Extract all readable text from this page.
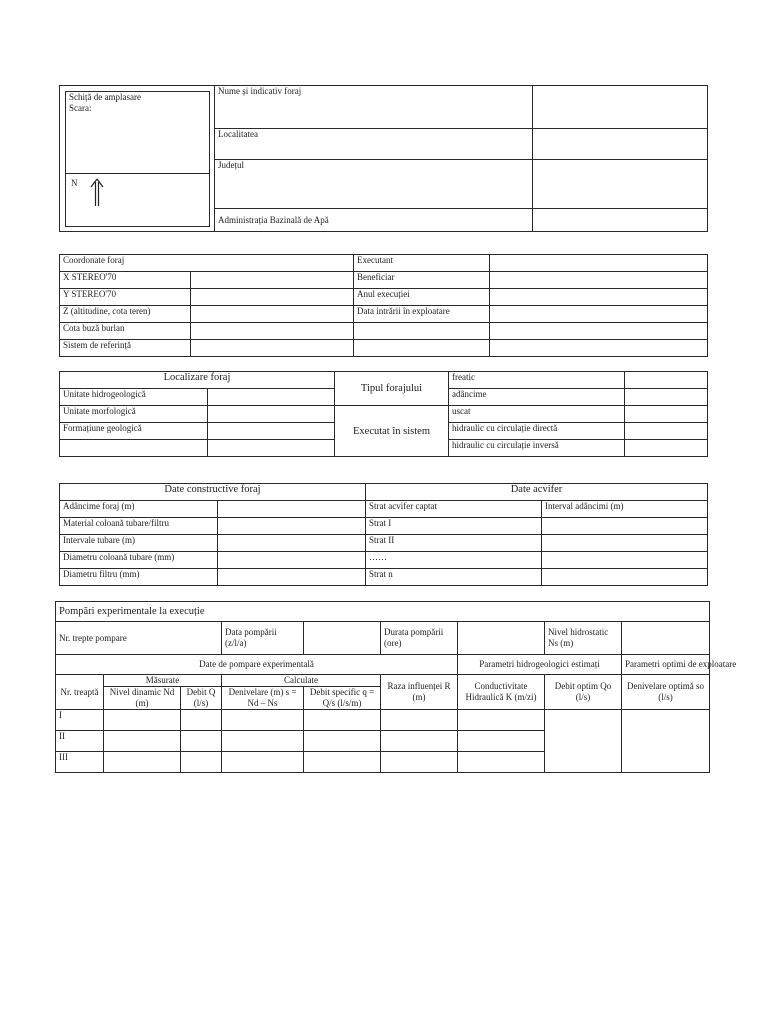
Schiță de amplasare
Scara:
N	Nume și indicativ foraj	
	Localitatea	
	Județul	
	Administrația Bazinală de Apă	
Coordonate foraj		Executant	
X STEREO'70		Beneficiar	
Y STEREO'70		Anul execuției	
Z (altitudine, cota teren)		Data intrării în exploatare	
Cota buză burlan			
Sistem de referință			
Localizare foraj		Tipul forajului	freatic	
Unitate hidrogeologică			adâncime	
Unitate morfologică		Executat în sistem	uscat	
Formațiune geologică			hidraulic cu circulație directă	
			hidraulic cu circulație inversă	
Date constructive foraj		Date acvifer	
Adâncime foraj (m)		Strat acvifer captat	Interval adâncimi (m)
Material coloană tubare/filtru		Strat I	
Intervale tubare (m)		Strat II	
Diametru coloană tubare (mm)		……	
Diametru filtru (mm)		Strat n	
Pompări experimentale la execuție								
Nr. trepte pompare			Data pompării (z/l/a)		Durata pompării (ore)		Nivel hidrostatic Ns (m)	
Date de pompare experimentală						Parametri hidrogeologici estimați		Parametri optimi de exploatare
Nr. treaptă	Măsurate		Calculate		Raza influenței R (m)	Conductivitate Hidraulică K (m/zi)	Debit optim Qo (l/s)	Denivelare optimă so (l/s)
	Nivel dinamic Nd (m)	Debit Q (l/s)	Denivelare (m) s = Nd – Ns	Debit specific q = Q/s (l/s/m)				
I								
II								
III								
